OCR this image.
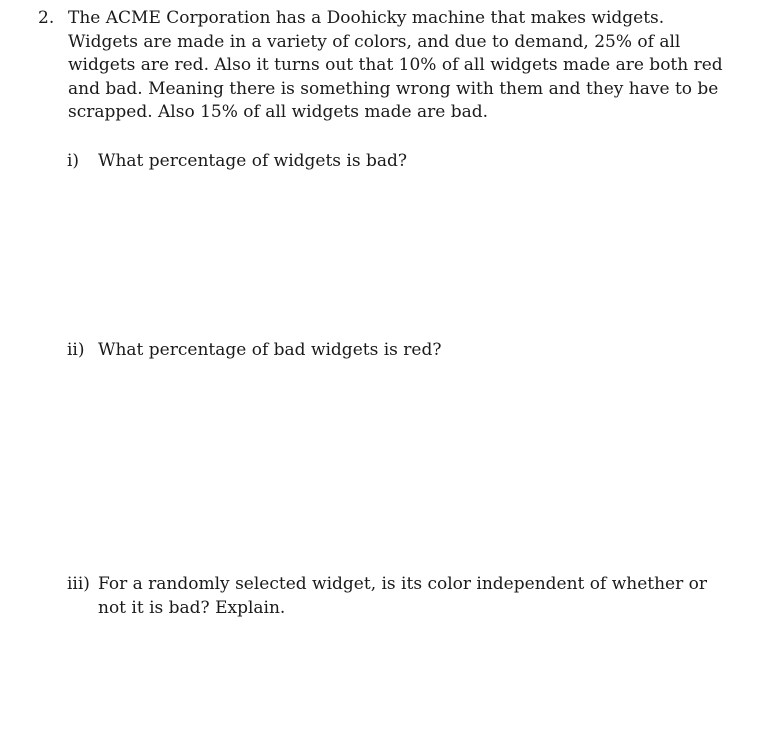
2. The ACME Corporation has a Doohicky machine that makes widgets. Widgets are made in a variety of colors, and due to demand, 25% of all widgets are red. Also it turns out that 10% of all widgets made are both red and bad. Meaning there is something wrong with them and they have to be scrapped. Also 15% of all widgets made are bad.
i) What percentage of widgets is bad?
ii) What percentage of bad widgets is red?
iii) For a randomly selected widget, is its color independent of whether or not it is bad? Explain.
